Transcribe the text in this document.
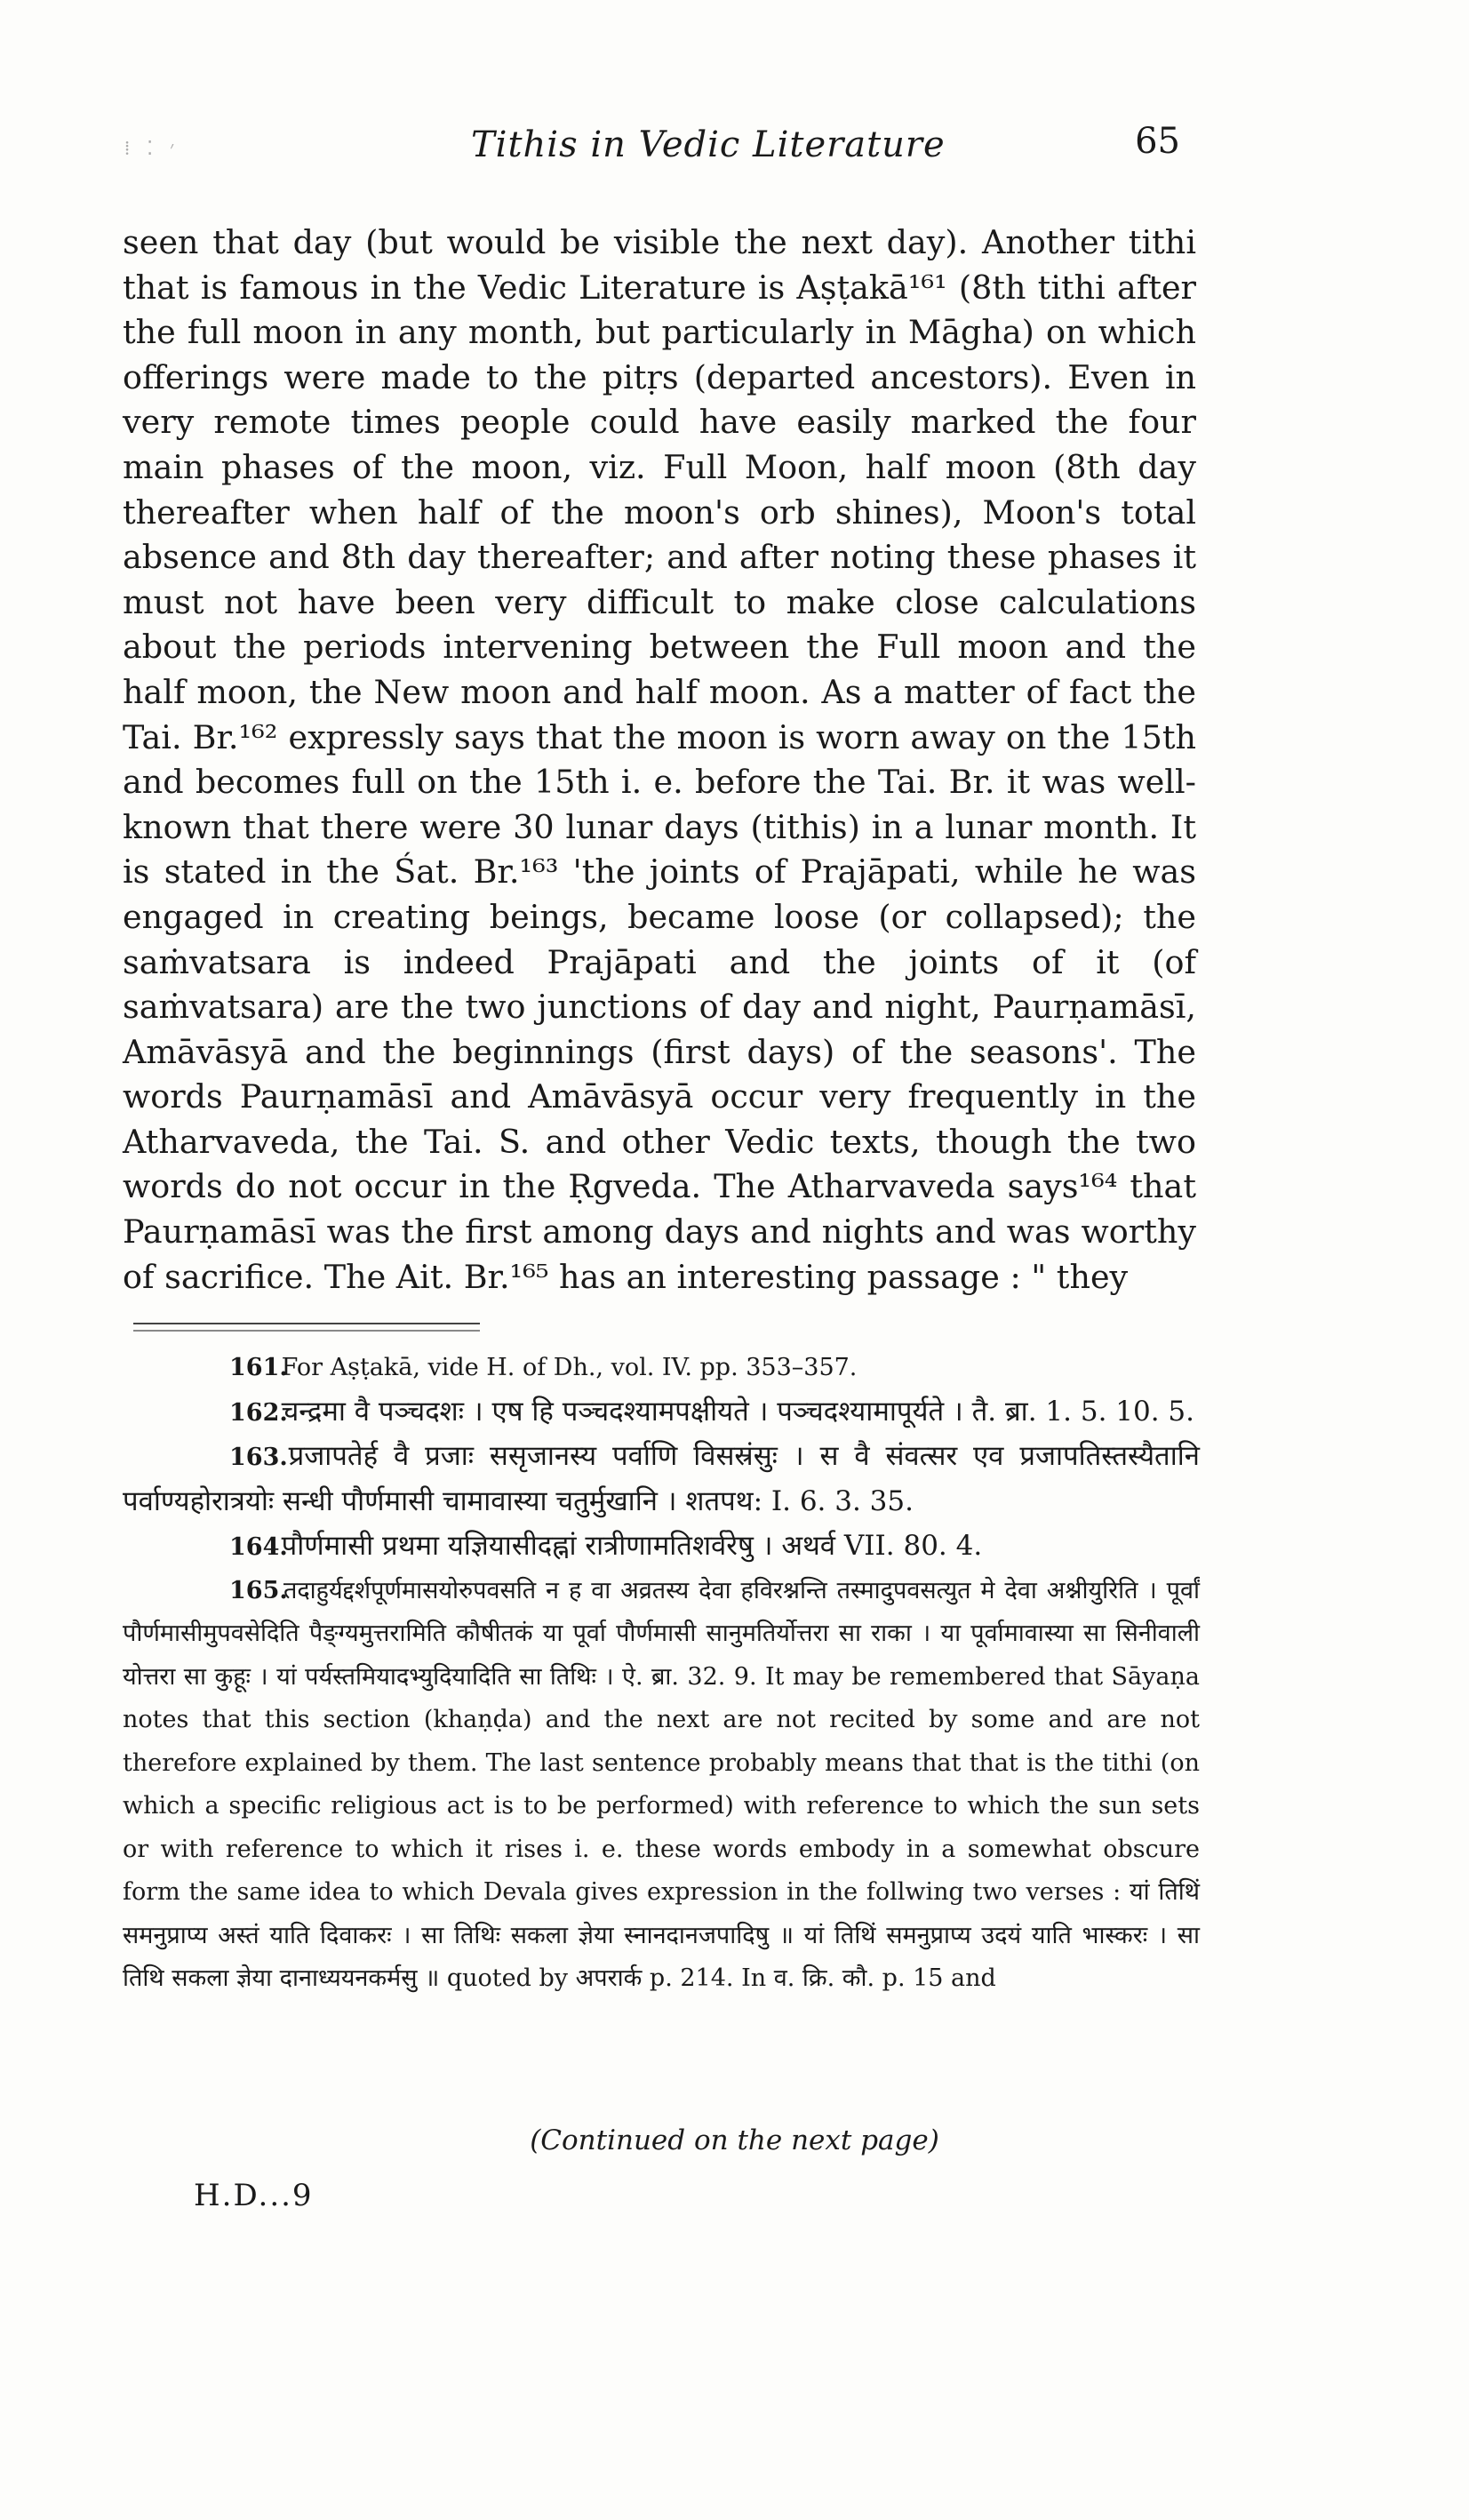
⁞ ⁚ ׳	Tithis in Vedic Literature	65

seen that day (but would be visible the next day). Another tithi that is famous in the Vedic Literature is Aṣṭakā¹⁶¹ (8th tithi after the full moon in any month, but particularly in Māgha) on which offerings were made to the pitṛs (departed ancestors). Even in very remote times people could have easily marked the four main phases of the moon, viz. Full Moon, half moon (8th day thereafter when half of the moon's orb shines), Moon's total absence and 8th day thereafter; and after noting these phases it must not have been very difficult to make close calculations about the periods intervening between the Full moon and the half moon, the New moon and half moon. As a matter of fact the Tai. Br.¹⁶² expressly says that the moon is worn away on the 15th and becomes full on the 15th i. e. before the Tai. Br. it was well-known that there were 30 lunar days (tithis) in a lunar month. It is stated in the Śat. Br.¹⁶³ 'the joints of Prajāpati, while he was engaged in creating beings, became loose (or collapsed); the saṁvatsara is indeed Prajāpati and the joints of it (of saṁvatsara) are the two junctions of day and night, Paurṇamāsī, Amāvāsyā and the beginnings (first days) of the seasons'. The words Paurṇamāsī and Amāvāsyā occur very frequently in the Atharvaveda, the Tai. S. and other Vedic texts, though the two words do not occur in the Ṛgveda. The Atharvaveda says¹⁶⁴ that Paurṇamāsī was the first among days and nights and was worthy of sacrifice. The Ait. Br.¹⁶⁵ has an interesting passage : " they

161. For Aṣṭakā, vide H. of Dh., vol. IV. pp. 353–357.

162. चन्द्रमा वै पञ्चदशः । एष हि पञ्चदश्यामपक्षीयते । पञ्चदश्यामापूर्यते । तै. ब्रा. 1. 5. 10. 5.

163. प्रजापतेर्ह वै प्रजाः ससृजानस्य पर्वाणि विसस्रंसुः । स वै संवत्सर एव प्रजापतिस्तस्यैतानि पर्वाण्यहोरात्रयोः सन्धी पौर्णमासी चामावास्या चतुर्मुखानि । शतपथ: I. 6. 3. 35.

164. पौर्णमासी प्रथमा यज्ञियासीदह्नां रात्रीणामतिशर्वरेषु । अथर्व VII. 80. 4.

165. तदाहुर्यद्दर्शपूर्णमासयोरुपवसति न ह वा अव्रतस्य देवा हविरश्नन्ति तस्मादुपवसत्युत मे देवा अश्नीयुरिति । पूर्वां पौर्णमासीमुपवसेदिति पैङ्ग्यमुत्तरामिति कौषीतकं या पूर्वा पौर्णमासी सानुमतिर्योत्तरा सा राका । या पूर्वामावास्या सा सिनीवाली योत्तरा सा कुहूः । यां पर्यस्तमियादभ्युदियादिति सा तिथिः । ऐ. ब्रा. 32. 9. It may be remembered that Sāyaṇa notes that this section (khaṇḍa) and the next are not recited by some and are not therefore explained by them. The last sentence probably means that that is the tithi (on which a specific religious act is to be performed) with reference to which the sun sets or with reference to which it rises i. e. these words embody in a somewhat obscure form the same idea to which Devala gives expression in the follwing two verses : यां तिथिं समनुप्राप्य अस्तं याति दिवाकरः । सा तिथिः सकला ज्ञेया स्नानदानजपादिषु ॥ यां तिथिं समनुप्राप्य उदयं याति भास्करः । सा तिथि सकला ज्ञेया दानाध्ययनकर्मसु ॥ quoted by अपरार्क p. 214. In व. क्रि. कौ. p. 15 and

(Continued on the next page)
H.D...9
